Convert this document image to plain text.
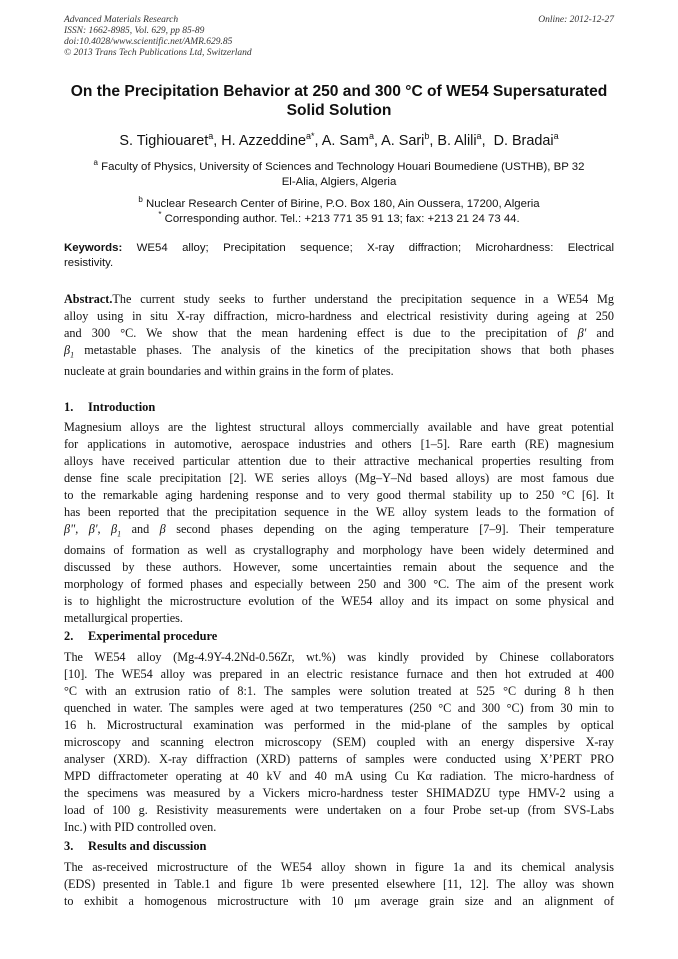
Advanced Materials Research
ISSN: 1662-8985, Vol. 629, pp 85-89
doi:10.4028/www.scientific.net/AMR.629.85
© 2013 Trans Tech Publications Ltd, Switzerland
Online: 2012-12-27
On the Precipitation Behavior at 250 and 300 °C of WE54 Supersaturated
Solid Solution
S. Tighiouaret$^a$, H. Azzeddine$^{a*}$, A. Sam$^a$, A. Sari$^b$, B. Alili$^a$,  D. Bradai$^a$
$^a$ Faculty of Physics, University of Sciences and Technology Houari Boumediene (USTHB), BP 32
El-Alia, Algiers, Algeria
$^b$ Nuclear Research Center of Birine, P.O. Box 180, Ain Oussera, 17200, Algeria
* Corresponding author. Tel.: +213 771 35 91 13; fax: +213 21 24 73 44.
Keywords: WE54 alloy; Precipitation sequence; X-ray diffraction; Microhardness: Electrical
resistivity.
Abstract.The current study seeks to further understand the precipitation sequence in a WE54 Mg
alloy using in situ X-ray diffraction, micro-hardness and electrical resistivity during ageing at 250
and 300 °C. We show that the mean hardening effect is due to the precipitation of β' and
$\beta_1$ metastable phases. The analysis of the kinetics of the precipitation shows that both phases
nucleate at grain boundaries and within grains in the form of plates.
1. Introduction
Magnesium alloys are the lightest structural alloys commercially available and have great potential
for applications in automotive, aerospace industries and others [1–5]. Rare earth (RE) magnesium
alloys have received particular attention due to their attractive mechanical properties resulting from
dense fine scale precipitation [2]. WE series alloys (Mg–Y–Nd based alloys) are most famous due
to the remarkable aging hardening response and to very good thermal stability up to 250 °C [6]. It
has been reported that the precipitation sequence in the WE alloy system leads to the formation of
β", β', $\beta_1$ and β second phases depending on the aging temperature [7–9]. Their temperature
domains of formation as well as crystallography and morphology have been widely determined and
discussed by these authors. However, some uncertainties remain about the sequence and the
morphology of formed phases and especially between 250 and 300 °C. The aim of the present work
is to highlight the microstructure evolution of the WE54 alloy and its impact on some physical and
metallurgical properties.
2. Experimental procedure
The WE54 alloy (Mg-4.9Y-4.2Nd-0.56Zr, wt.%) was kindly provided by Chinese collaborators
[10]. The WE54 alloy was prepared in an electric resistance furnace and then hot extruded at 400
°C with an extrusion ratio of 8:1. The samples were solution treated at 525 °C during 8 h then
quenched in water. The samples were aged at two temperatures (250 °C and 300 °C) from 30 min to
16 h. Microstructural examination was performed in the mid-plane of the samples by optical
microscopy and scanning electron microscopy (SEM) coupled with an energy dispersive X-ray
analyser (XRD). X-ray diffraction (XRD) patterns of samples were conducted using X’PERT PRO
MPD diffractometer operating at 40 kV and 40 mA using Cu Kα radiation. The micro-hardness of
the specimens was measured by a Vickers micro-hardness tester SHIMADZU type HMV-2 using a
load of 100 g. Resistivity measurements were undertaken on a four Probe set-up (from SVS-Labs
Inc.) with PID controlled oven.
3. Results and discussion
The as-received microstructure of the WE54 alloy shown in figure 1a and its chemical analysis
(EDS) presented in Table.1 and figure 1b were presented elsewhere [11, 12]. The alloy was shown
to exhibit a homogenous microstructure with 10 μm average grain size and an alignment of
